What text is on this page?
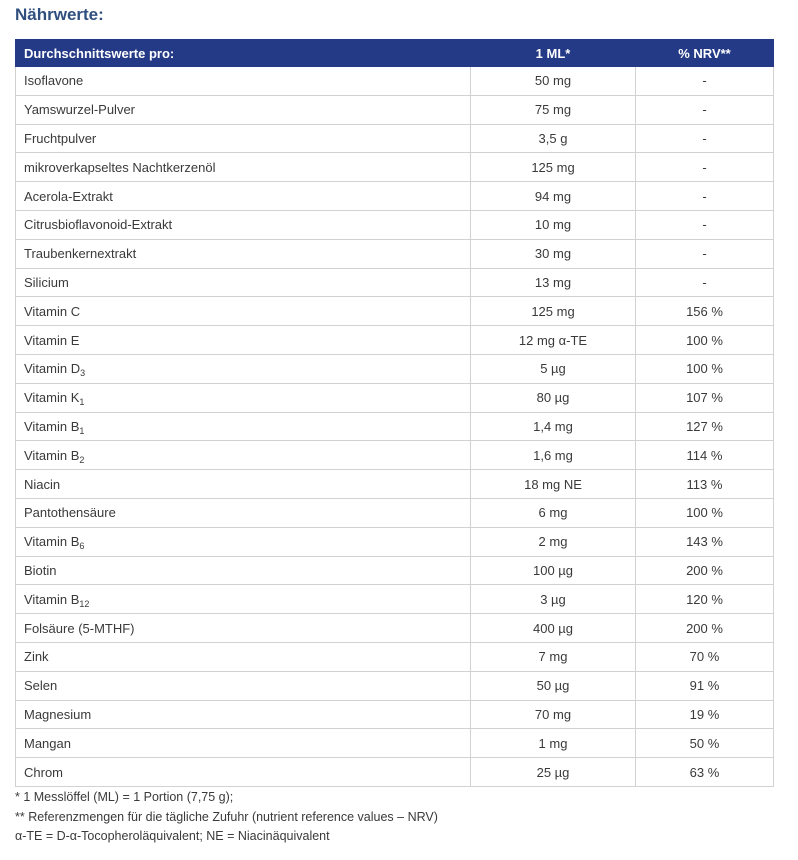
Nährwerte:
Durchschnittswerte pro:	1 ML*	% NRV**
Isoflavone	50 mg	-
Yamswurzel-Pulver	75 mg	-
Fruchtpulver	3,5 g	-
mikroverkapseltes Nachtkerzenöl	125 mg	-
Acerola-Extrakt	94 mg	-
Citrusbioflavonoid-Extrakt	10 mg	-
Traubenkernextrakt	30 mg	-
Silicium	13 mg	-
Vitamin C	125 mg	156 %
Vitamin E	12 mg α-TE	100 %
Vitamin $D_3$	5 µg	100 %
Vitamin $K_1$	80 µg	107 %
Vitamin $B_1$	1,4 mg	127 %
Vitamin $B_2$	1,6 mg	114 %
Niacin	18 mg NE	113 %
Pantothensäure	6 mg	100 %
Vitamin $B_6$	2 mg	143 %
Biotin	100 µg	200 %
Vitamin $B_{12}$	3 µg	120 %
Folsäure (5-MTHF)	400 µg	200 %
Zink	7 mg	70 %
Selen	50 µg	91 %
Magnesium	70 mg	19 %
Mangan	1 mg	50 %
Chrom	25 µg	63 %
* 1 Messlöffel (ML) = 1 Portion (7,75 g);
** Referenzmengen für die tägliche Zufuhr (nutrient reference values – NRV)
α-TE = D-α-Tocopheroläquivalent; NE = Niacinäquivalent
